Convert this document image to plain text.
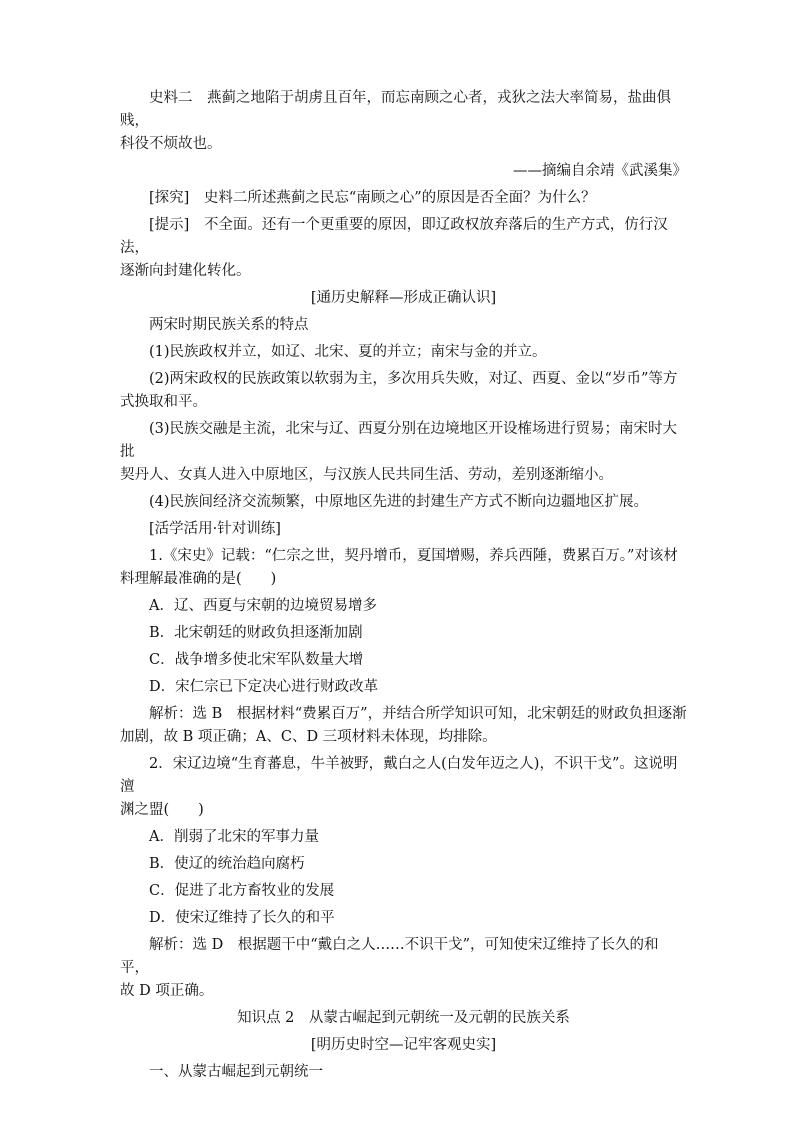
史料二　燕蓟之地陷于胡虏且百年，而忘南顾之心者，戎狄之法大率简易，盐曲俱贱，

科役不烦故也。

——摘编自余靖《武溪集》

[探究]　史料二所述燕蓟之民忘“南顾之心”的原因是否全面？为什么？

[提示]　不全面。还有一个更重要的原因，即辽政权放弃落后的生产方式，仿行汉法，

逐渐向封建化转化。

[通历史解释—形成正确认识]

两宋时期民族关系的特点

(1)民族政权并立，如辽、北宋、夏的并立；南宋与金的并立。

(2)两宋政权的民族政策以软弱为主，多次用兵失败，对辽、西夏、金以“岁币”等方

式换取和平。

(3)民族交融是主流，北宋与辽、西夏分别在边境地区开设榷场进行贸易；南宋时大批

契丹人、女真人进入中原地区，与汉族人民共同生活、劳动，差别逐渐缩小。

(4)民族间经济交流频繁，中原地区先进的封建生产方式不断向边疆地区扩展。

[活学活用·针对训练]

1.《宋史》记载：“仁宗之世，契丹增币，夏国增赐，养兵西陲，费累百万。”对该材

料理解最准确的是(　　)

A．辽、西夏与宋朝的边境贸易增多

B．北宋朝廷的财政负担逐渐加剧

C．战争增多使北宋军队数量大增

D．宋仁宗已下定决心进行财政改革

解析：选 B　根据材料“费累百万”，并结合所学知识可知，北宋朝廷的财政负担逐渐

加剧，故 B 项正确；A、C、D 三项材料未体现，均排除。

2．宋辽边境“生育蕃息，牛羊被野，戴白之人(白发年迈之人)，不识干戈”。这说明澶

渊之盟(　　)

A．削弱了北宋的军事力量

B．使辽的统治趋向腐朽

C．促进了北方畜牧业的发展

D．使宋辽维持了长久的和平

解析：选 D　根据题干中“戴白之人……不识干戈”，可知使宋辽维持了长久的和平，

故 D 项正确。

知识点 2　从蒙古崛起到元朝统一及元朝的民族关系

[明历史时空—记牢客观史实]

一、从蒙古崛起到元朝统一
